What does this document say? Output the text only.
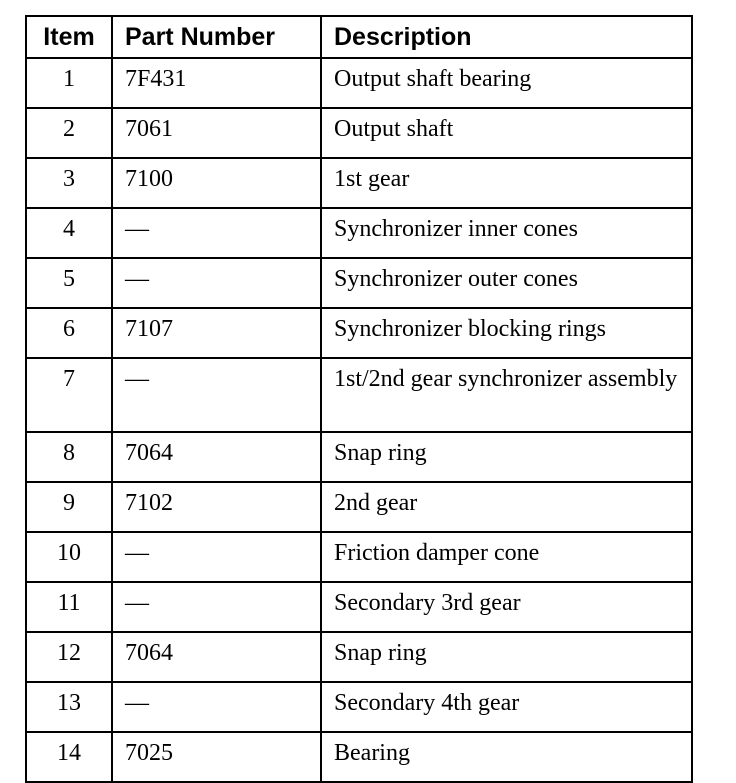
Item	Part Number	Description
1	7F431	Output shaft bearing
2	7061	Output shaft
3	7100	1st gear
4	—	Synchronizer inner cones
5	—	Synchronizer outer cones
6	7107	Synchronizer blocking rings
7	—	1st/2nd gear synchronizer assembly
8	7064	Snap ring
9	7102	2nd gear
10	—	Friction damper cone
11	—	Secondary 3rd gear
12	7064	Snap ring
13	—	Secondary 4th gear
14	7025	Bearing
